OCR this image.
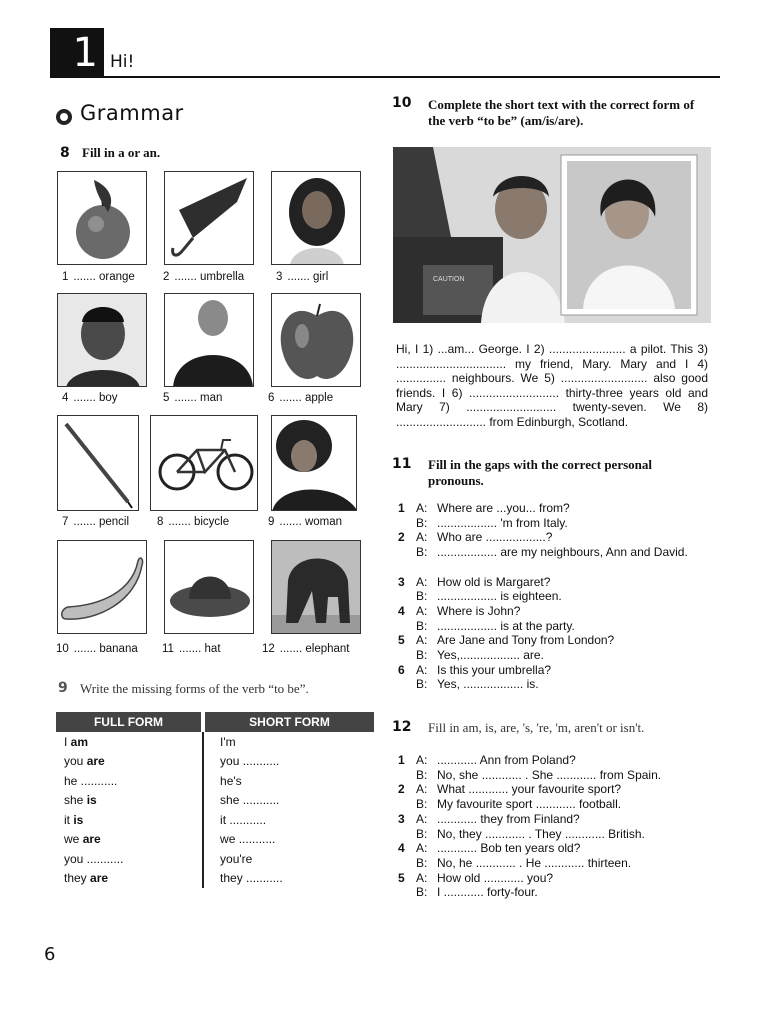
1 Hi!
Grammar
8 Fill in a or an.
1 ....... orange 2 ....... umbrella	3 ....... girl
4 ....... boy	5 ....... man	6 ....... apple
7 ....... pencil 8 ....... bicycle	9 ....... woman
10 ....... banana 11 ....... hat	12 ....... elephant
9 Write the missing forms of the verb “to be”.
FULL FORM	SHORT FORM
I am	I'm
you are	you ...........
he ...........	he's
she is	she ...........
it is	it ...........
we are	we ...........
you ...........	you're
they are	they ...........
10 Complete the short text with the correct form of the verb “to be” (am/is/are).
CAUTION
Hi, I 1) ...am... George. I 2) ....................... a pilot. This 3) ................................. my friend, Mary. Mary and I 4) ............... neighbours. We 5) .......................... also good friends. I 6) ........................... thirty-three years old and Mary 7) ........................... twenty-seven. We 8) ........................... from Edinburgh, Scotland.
11 Fill in the gaps with the correct personal pronouns.
1 A: Where are ...you... from?
B: .................. 'm from Italy.
2 A: Who are ..................?
B: .................. are my neighbours, Ann and David.
3 A: How old is Margaret?
B: .................. is eighteen.
4 A: Where is John?
B: .................. is at the party.
5 A: Are Jane and Tony from London?
B: Yes,.................. are.
6 A: Is this your umbrella?
B: Yes, .................. is.
12 Fill in am, is, are, 's, 're, 'm, aren't or isn't.
1 A: ............ Ann from Poland?
B: No, she ............ . She ............ from Spain.
2 A: What ............ your favourite sport?
B: My favourite sport ............ football.
3 A: ............ they from Finland?
B: No, they ............ . They ............ British.
4 A: ............ Bob ten years old?
B: No, he ............ . He ............ thirteen.
5 A: How old ............ you?
B: I ............ forty-four.
6
